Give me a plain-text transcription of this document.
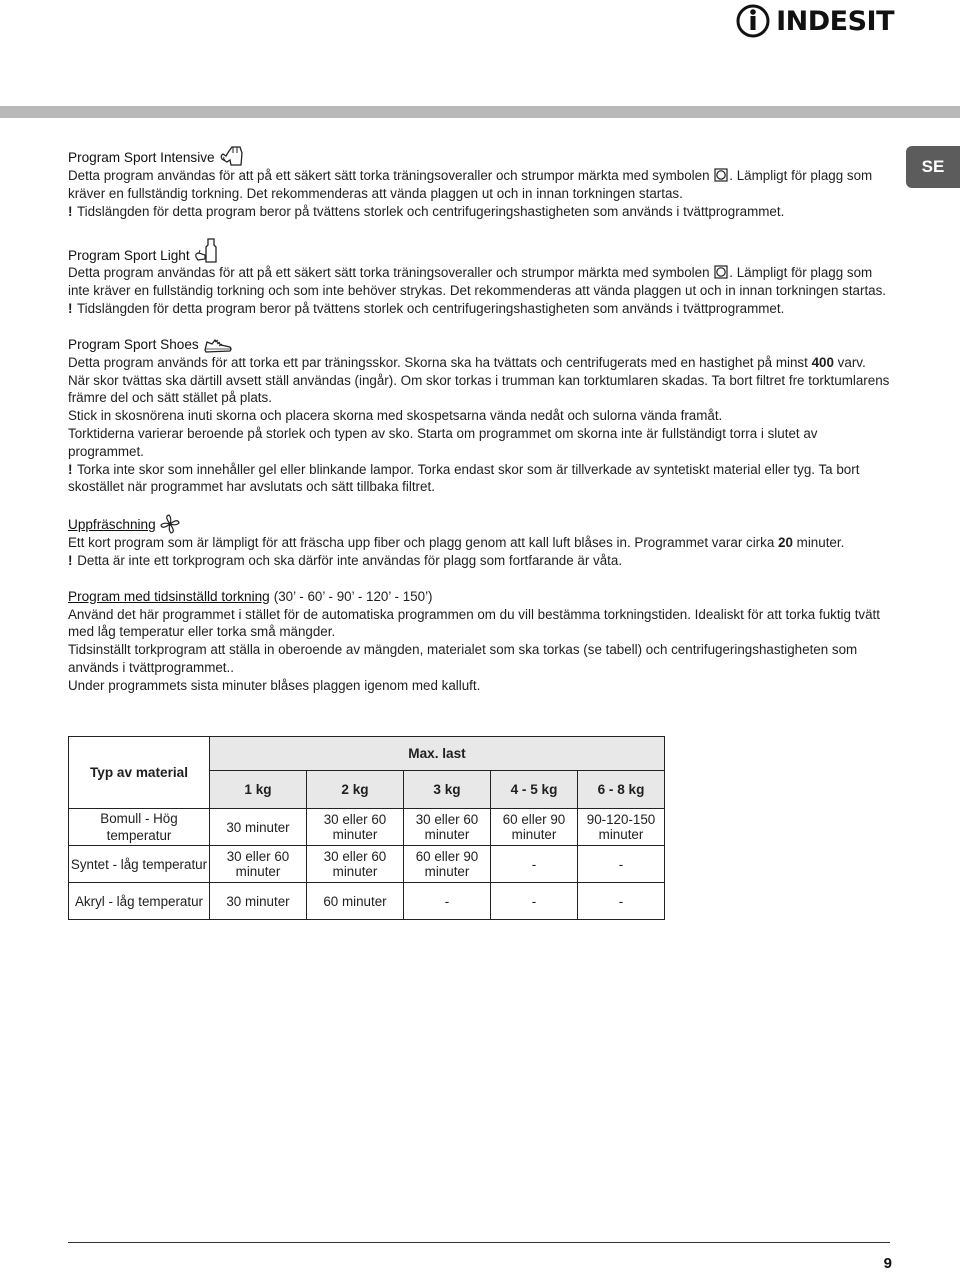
INDESIT
SE
Program Sport Intensive

Detta program användas för att på ett säkert sätt torka träningsoveraller och strumpor märkta med symbolen . Lämpligt för plagg som kräver en fullständig torkning. Det rekommenderas att vända plaggen ut och in innan torkningen startas.

! Tidslängden för detta program beror på tvättens storlek och centrifugeringshastigheten som används i tvättprogrammet.

Program Sport Light

Detta program användas för att på ett säkert sätt torka träningsoveraller och strumpor märkta med symbolen . Lämpligt för plagg som inte kräver en fullständig torkning och som inte behöver strykas. Det rekommenderas att vända plaggen ut och in innan torkningen startas.

! Tidslängden för detta program beror på tvättens storlek och centrifugeringshastigheten som används i tvättprogrammet.

Program Sport Shoes

Detta program används för att torka ett par träningsskor. Skorna ska ha tvättats och centrifugerats med en hastighet på minst 400 varv.

När skor tvättas ska därtill avsett ställ användas (ingår). Om skor torkas i trumman kan torktumlaren skadas. Ta bort filtret fre torktumlarens främre del och sätt stället på plats.

Stick in skosnörena inuti skorna och placera skorna med skospetsarna vända nedåt och sulorna vända framåt.

Torktiderna varierar beroende på storlek och typen av sko. Starta om programmet om skorna inte är fullständigt torra i slutet av programmet.

! Torka inte skor som innehåller gel eller blinkande lampor. Torka endast skor som är tillverkade av syntetiskt material eller tyg. Ta bort skostället när programmet har avslutats och sätt tillbaka filtret.

Uppfräschning

Ett kort program som är lämpligt för att fräscha upp fiber och plagg genom att kall luft blåses in. Programmet varar cirka 20 minuter.

! Detta är inte ett torkprogram och ska därför inte användas för plagg som fortfarande är våta.

Program med tidsinställd torkning (30’ - 60’ - 90’ - 120’ - 150’)

Använd det här programmet i stället för de automatiska programmen om du vill bestämma torkningstiden. Idealiskt för att torka fuktig tvätt med låg temperatur eller torka små mängder.

Tidsinställt torkprogram att ställa in oberoende av mängden, materialet som ska torkas (se tabell) och centrifugeringshastigheten som används i tvättprogrammet..

Under programmets sista minuter blåses plaggen igenom med kalluft.

Typ av material	Max. last				
	1 kg	2 kg	3 kg	4 - 5 kg	6 - 8 kg
Bomull - Hög temperatur	30 minuter	30 eller 60 minuter	30 eller 60 minuter	60 eller 90 minuter	90-120-150 minuter
Syntet - låg temperatur	30 eller 60 minuter	30 eller 60 minuter	60 eller 90 minuter	-	-
Akryl - låg temperatur	30 minuter	60 minuter	-	-	-
9
